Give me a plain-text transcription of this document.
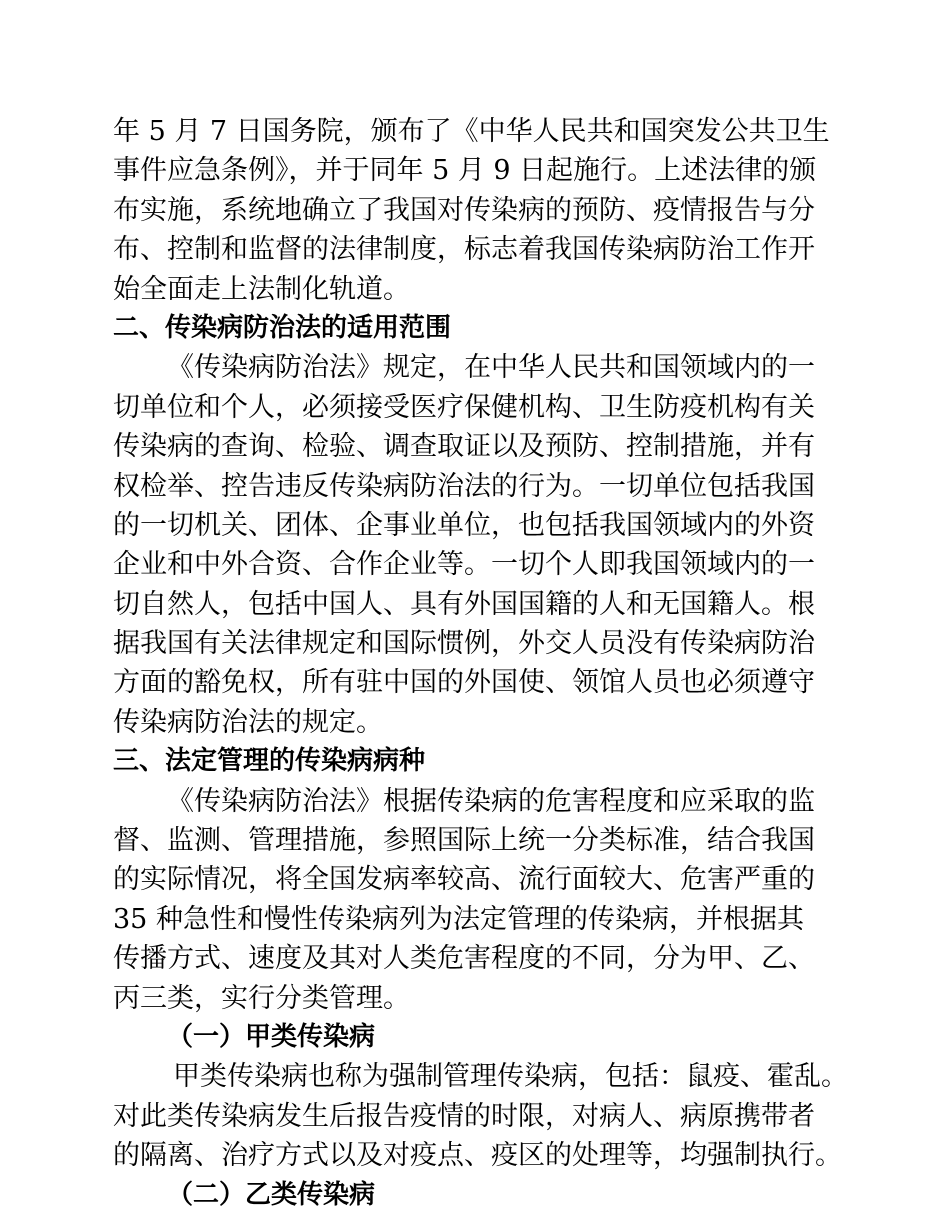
年 5 月 7 日国务院，颁布了《中华人民共和国突发公共卫生
事件应急条例》，并于同年 5 月 9 日起施行。上述法律的颁
布实施，系统地确立了我国对传染病的预防、疫情报告与分
布、控制和监督的法律制度，标志着我国传染病防治工作开
始全面走上法制化轨道。
二、传染病防治法的适用范围
《传染病防治法》规定，在中华人民共和国领域内的一
切单位和个人，必须接受医疗保健机构、卫生防疫机构有关
传染病的查询、检验、调查取证以及预防、控制措施，并有
权检举、控告违反传染病防治法的行为。一切单位包括我国
的一切机关、团体、企事业单位，也包括我国领域内的外资
企业和中外合资、合作企业等。一切个人即我国领域内的一
切自然人，包括中国人、具有外国国籍的人和无国籍人。根
据我国有关法律规定和国际惯例，外交人员没有传染病防治
方面的豁免权，所有驻中国的外国使、领馆人员也必须遵守
传染病防治法的规定。
三、法定管理的传染病病种
《传染病防治法》根据传染病的危害程度和应采取的监
督、监测、管理措施，参照国际上统一分类标准，结合我国
的实际情况，将全国发病率较高、流行面较大、危害严重的
35 种急性和慢性传染病列为法定管理的传染病，并根据其
传播方式、速度及其对人类危害程度的不同，分为甲、乙、
丙三类，实行分类管理。
（一）甲类传染病
甲类传染病也称为强制管理传染病，包括：鼠疫、霍乱。
对此类传染病发生后报告疫情的时限，对病人、病原携带者
的隔离、治疗方式以及对疫点、疫区的处理等，均强制执行。
（二）乙类传染病
